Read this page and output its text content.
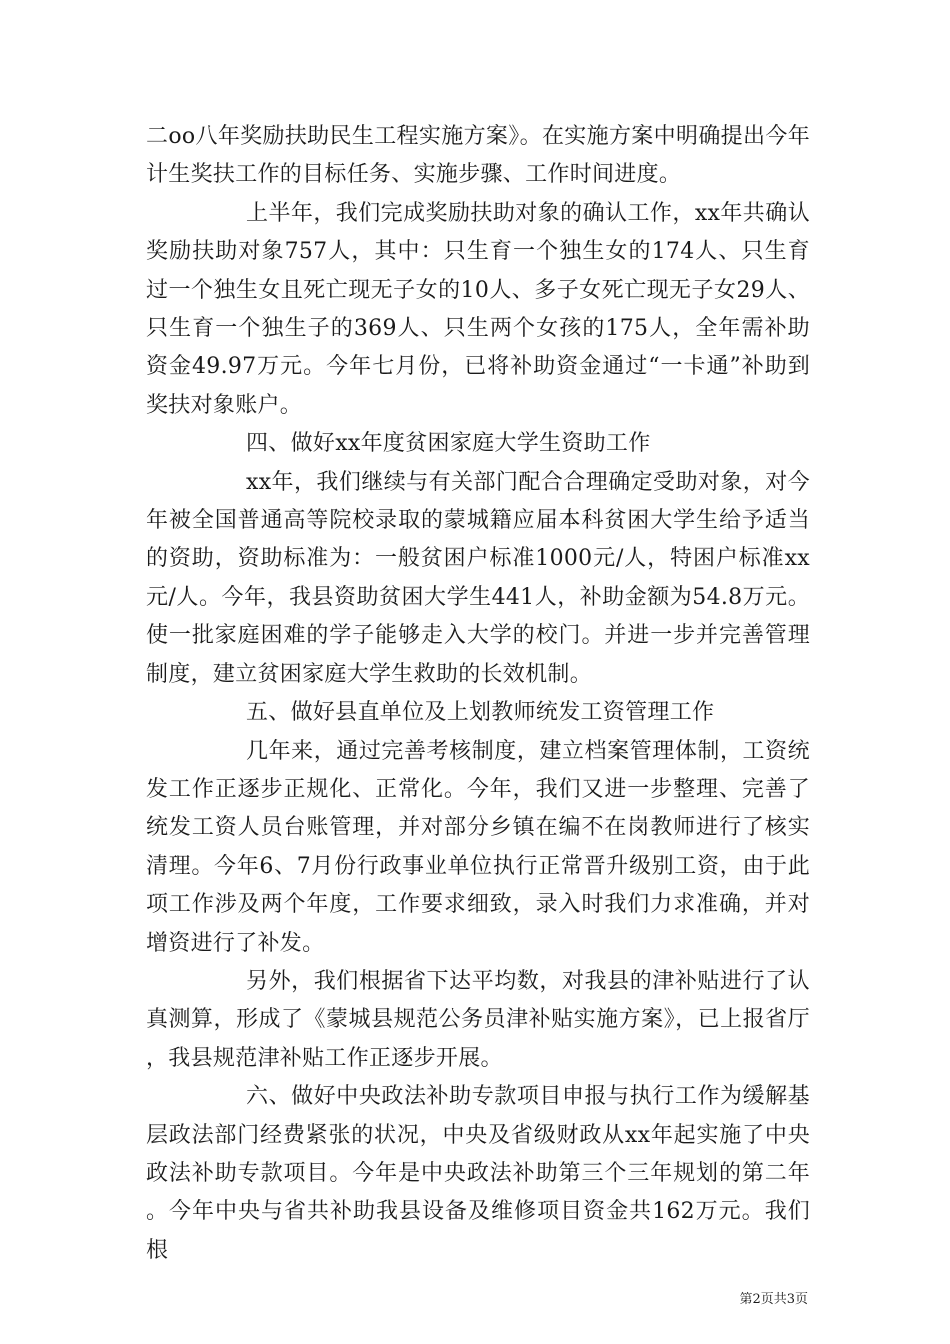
二oo八年奖励扶助民生工程实施方案》。在实施方案中明确提出今年计生奖扶工作的目标任务、实施步骤、工作时间进度。

上半年，我们完成奖励扶助对象的确认工作，xx年共确认奖励扶助对象757人，其中：只生育一个独生女的174人、只生育过一个独生女且死亡现无子女的10人、多子女死亡现无子女29人、只生育一个独生子的369人、只生两个女孩的175人，全年需补助资金49.97万元。今年七月份，已将补助资金通过“一卡通”补助到奖扶对象账户。

四、做好xx年度贫困家庭大学生资助工作

xx年，我们继续与有关部门配合合理确定受助对象，对今年被全国普通高等院校录取的蒙城籍应届本科贫困大学生给予适当的资助，资助标准为：一般贫困户标准1000元/人，特困户标准xx元/人。今年，我县资助贫困大学生441人，补助金额为54.8万元。使一批家庭困难的学子能够走入大学的校门。并进一步并完善管理制度，建立贫困家庭大学生救助的长效机制。

五、做好县直单位及上划教师统发工资管理工作

几年来，通过完善考核制度，建立档案管理体制，工资统发工作正逐步正规化、正常化。今年，我们又进一步整理、完善了统发工资人员台账管理，并对部分乡镇在编不在岗教师进行了核实清理。今年6、7月份行政事业单位执行正常晋升级别工资，由于此项工作涉及两个年度，工作要求细致，录入时我们力求准确，并对增资进行了补发。

另外，我们根据省下达平均数，对我县的津补贴进行了认真测算，形成了《蒙城县规范公务员津补贴实施方案》，已上报省厅，我县规范津补贴工作正逐步开展。

六、做好中央政法补助专款项目申报与执行工作为缓解基层政法部门经费紧张的状况，中央及省级财政从xx年起实施了中央政法补助专款项目。今年是中央政法补助第三个三年规划的第二年。今年中央与省共补助我县设备及维修项目资金共162万元。我们根

第2页共3页
